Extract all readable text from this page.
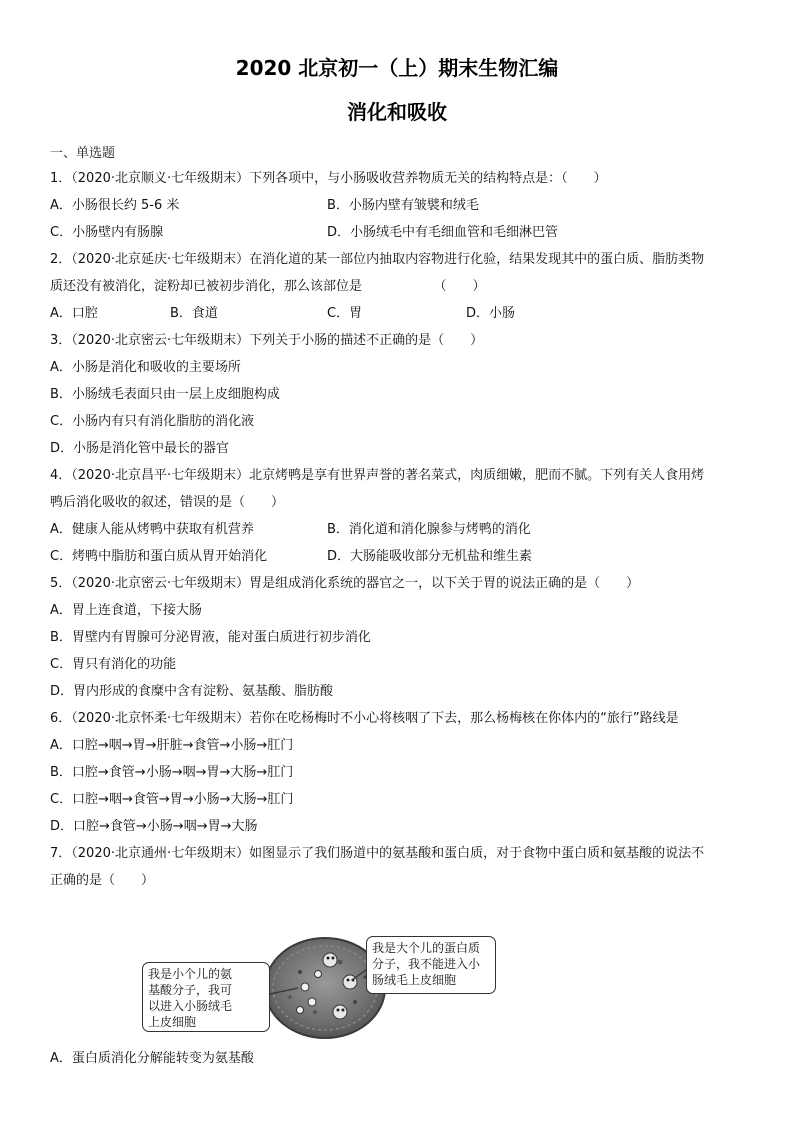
2020 北京初一（上）期末生物汇编
消化和吸收
一、单选题
1．（2020·北京顺义·七年级期末）下列各项中，与小肠吸收营养物质无关的结构特点是：（　　）
A．小肠很长约 5-6 米	B．小肠内壁有皱襞和绒毛
C．小肠壁内有肠腺	D．小肠绒毛中有毛细血管和毛细淋巴管
2．（2020·北京延庆·七年级期末）在消化道的某一部位内抽取内容物进行化验，结果发现其中的蛋白质、脂肪类物
质还没有被消化，淀粉却已被初步消化，那么该部位是　　　　　　（　　）
A．口腔	B．食道	C．胃	D．小肠
3．（2020·北京密云·七年级期末）下列关于小肠的描述不正确的是（　　）
A．小肠是消化和吸收的主要场所
B．小肠绒毛表面只由一层上皮细胞构成
C．小肠内有只有消化脂肪的消化液
D．小肠是消化管中最长的器官
4．（2020·北京昌平·七年级期末）北京烤鸭是享有世界声誉的著名菜式，肉质细嫩，肥而不腻。下列有关人食用烤
鸭后消化吸收的叙述，错误的是（　　）
A．健康人能从烤鸭中获取有机营养	B．消化道和消化腺参与烤鸭的消化
C．烤鸭中脂肪和蛋白质从胃开始消化	D．大肠能吸收部分无机盐和维生素
5．（2020·北京密云·七年级期末）胃是组成消化系统的器官之一，以下关于胃的说法正确的是（　　）
A．胃上连食道，下接大肠
B．胃壁内有胃腺可分泌胃液，能对蛋白质进行初步消化
C．胃只有消化的功能
D．胃内形成的食糜中含有淀粉、氨基酸、脂肪酸
6．（2020·北京怀柔·七年级期末）若你在吃杨梅时不小心将核咽了下去，那么杨梅核在你体内的“旅行”路线是
A．口腔→咽→胃→肝脏→食管→小肠→肛门
B．口腔→食管→小肠→咽→胃→大肠→肛门
C．口腔→咽→食管→胃→小肠→大肠→肛门
D．口腔→食管→小肠→咽→胃→大肠
7．（2020·北京通州·七年级期末）如图显示了我们肠道中的氨基酸和蛋白质，对于食物中蛋白质和氨基酸的说法不
正确的是（　　）
我是小个儿的氨
基酸分子，我可
以进入小肠绒毛
上皮细胞
我是大个儿的蛋白质
分子，我不能进入小
肠绒毛上皮细胞
A．蛋白质消化分解能转变为氨基酸
